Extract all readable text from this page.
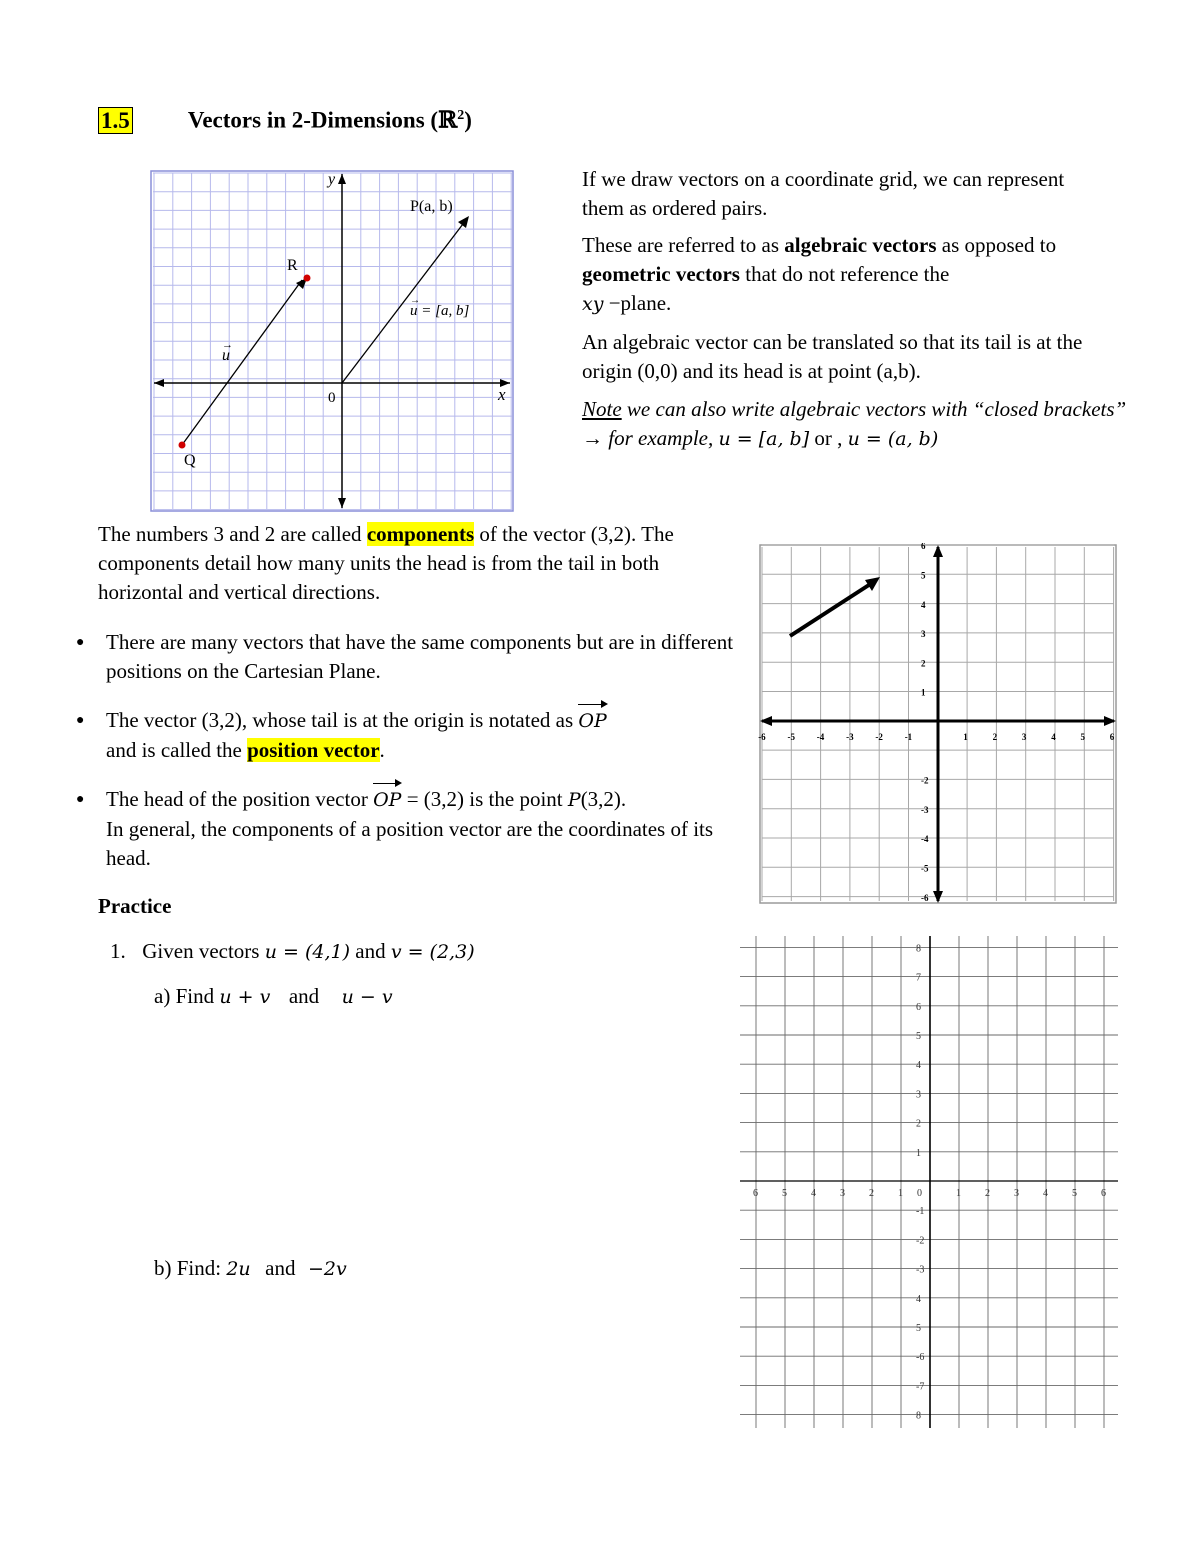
1.5	Vectors in 2-Dimensions (ℝ$^2$)
y
x
0
P(a, b)
R
Q
u
→
u = [a, b]
→
If we draw vectors on a coordinate grid, we can represent them as ordered pairs.
These are referred to as algebraic vectors as opposed to geometric vectors that do not reference the
xy −plane.
An algebraic vector can be translated so that its tail is at the origin (0,0) and its head is at point (a,b).
Note we can also write algebraic vectors with “closed brackets” → for example, u = [a, b] or , u = (a, b)
The numbers 3 and 2 are called components of the vector (3,2). The components detail how many units the head is from the tail in both horizontal and vertical directions.
● There are many vectors that have the same components but are in different positions on the Cartesian Plane.
● The vector (3,2), whose tail is at the origin is notated as OP
and is called the position vector.
● The head of the position vector OP = (3,2) is the point P(3,2).
In general, the components of a position vector are the coordinates of its head.
-6 -5 -4 -3 -2 -1	1	2	3	4	5	6
6
5
4
3
2
1
-2
-3
-4
-5
-6
6 5 4 3 2 1 0	1 2 3 4 5 6
8
7
6
5
4
3
2
1
-1
-2
-3
4
5
-6
-7
8
Practice
1. Given vectors u = (4,1) and v = (2,3)
a) Find u + v and u − v
b) Find: 2u and −2v
